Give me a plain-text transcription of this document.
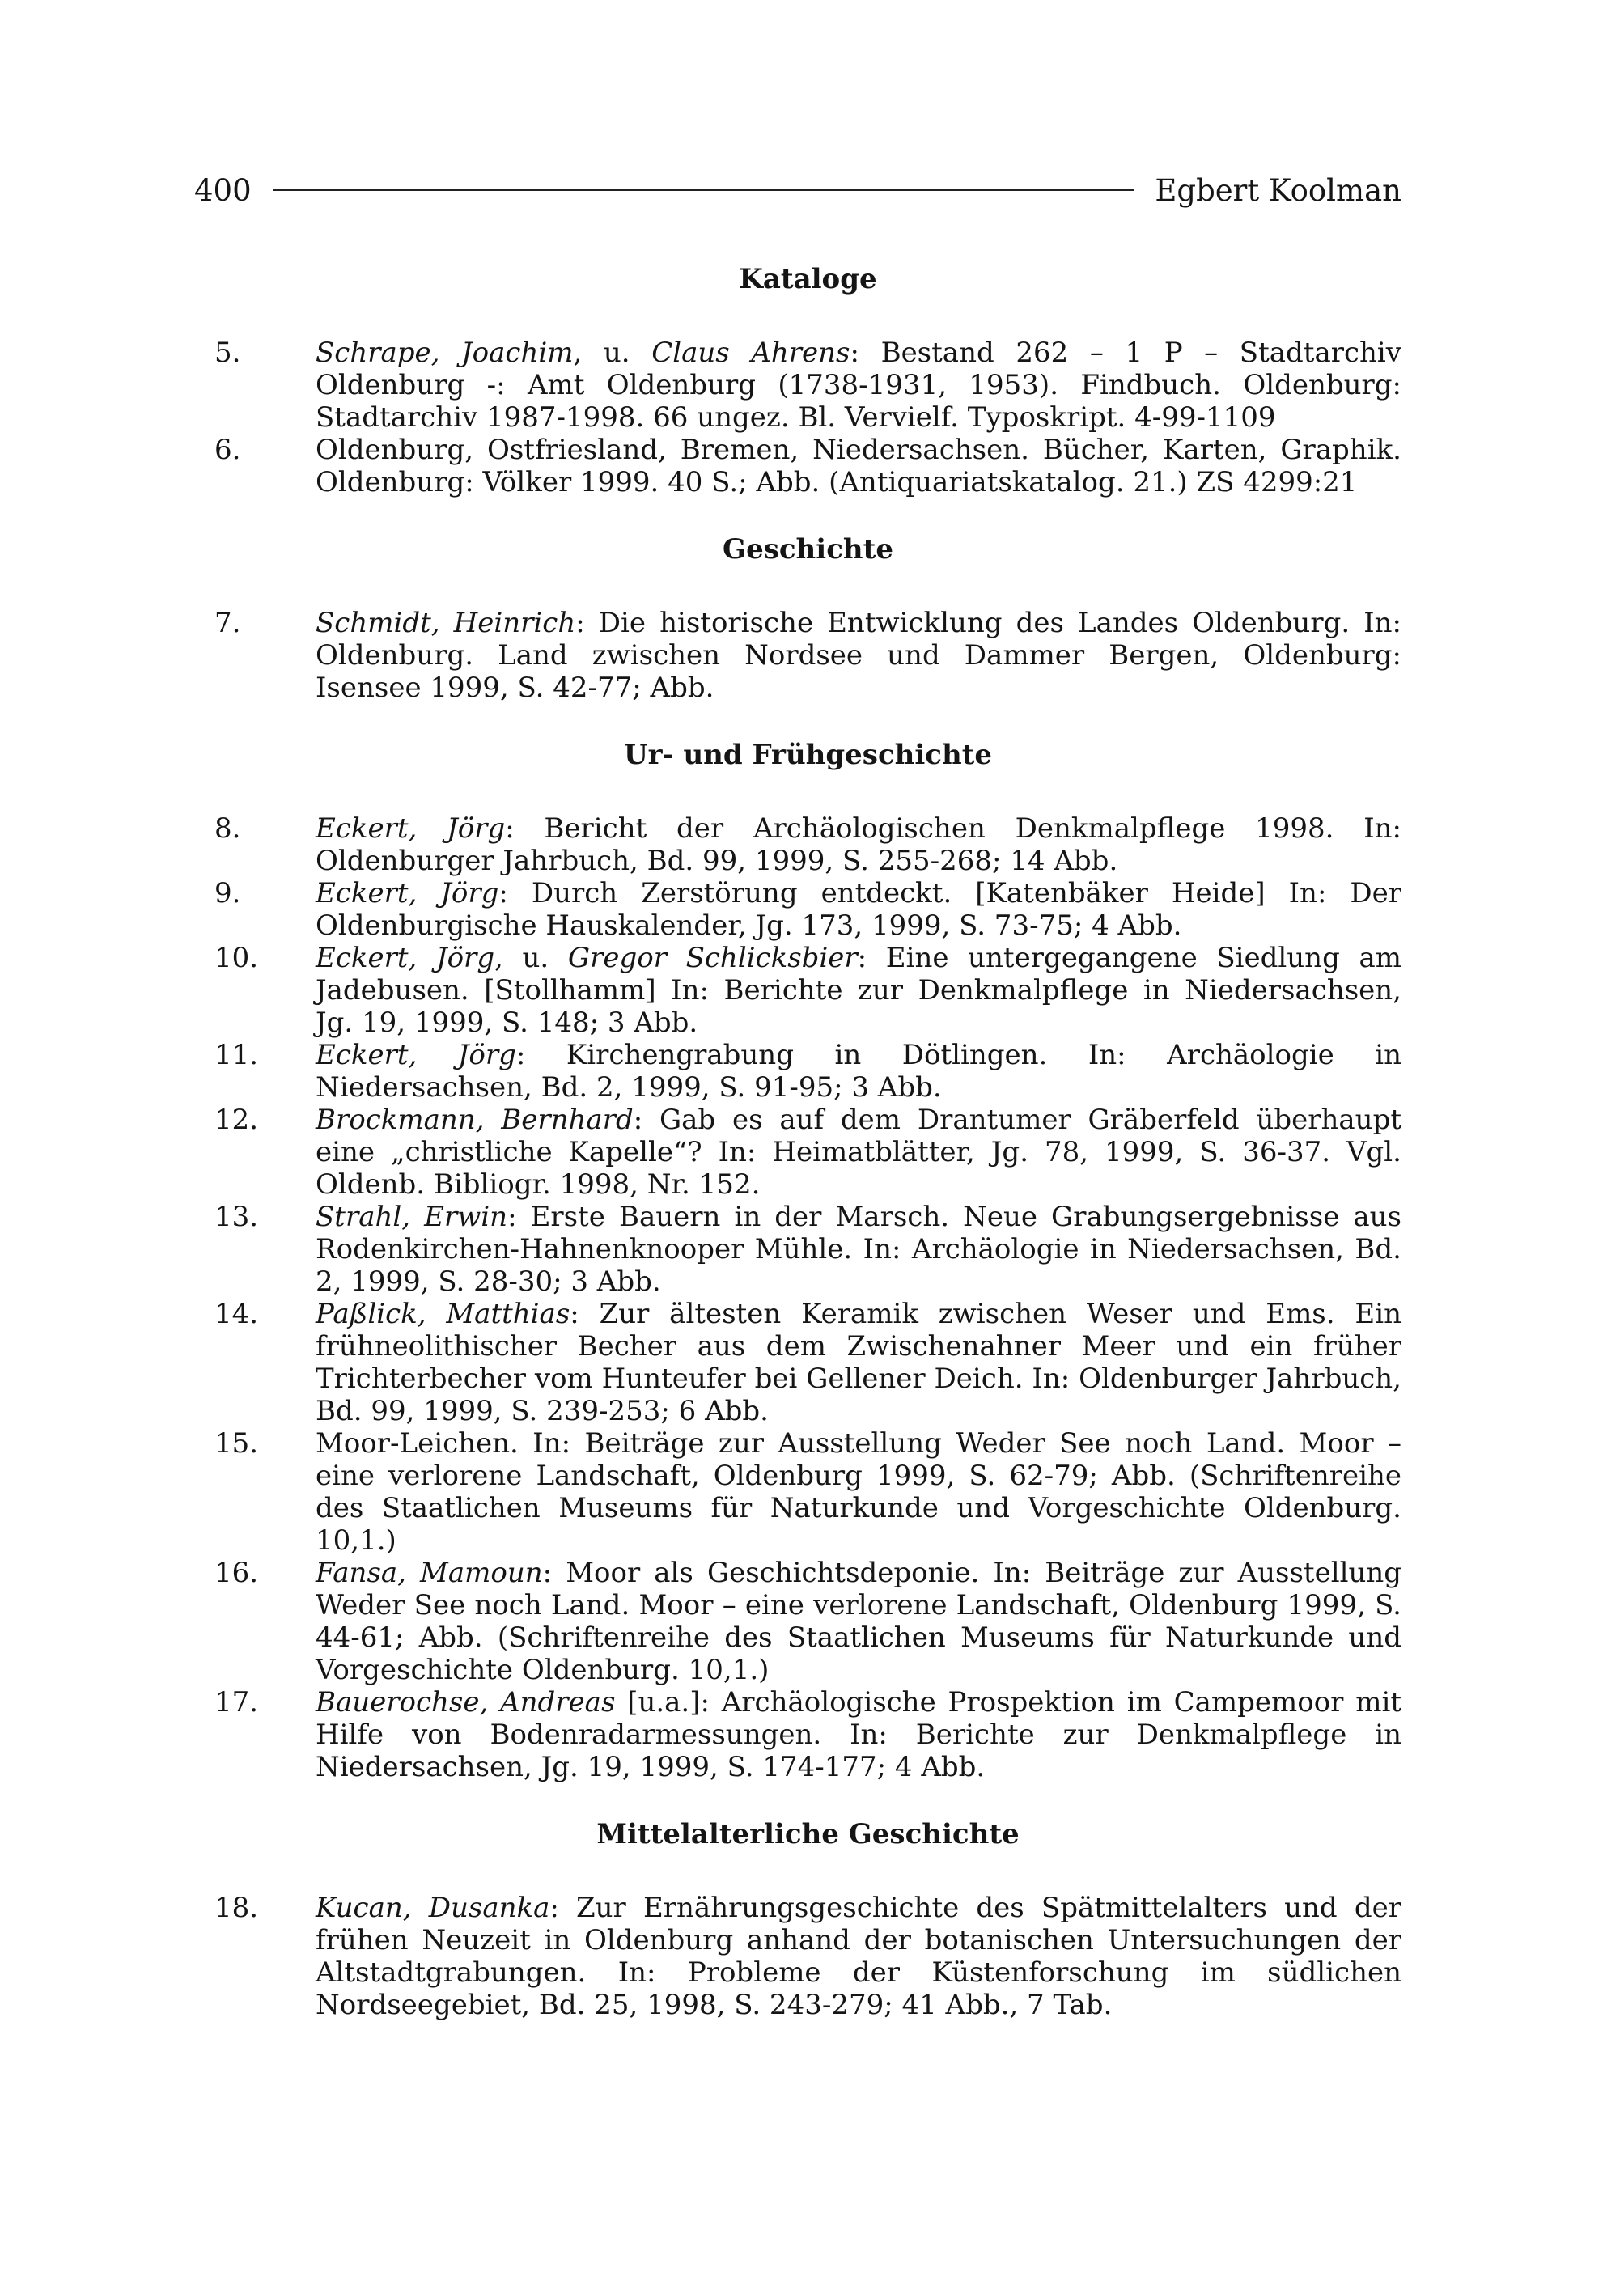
400	Egbert Koolman
Kataloge
5.	Schrape, Joachim, u. Claus Ahrens: Bestand 262 – 1 P – Stadtarchiv Oldenburg -: Amt Oldenburg (1738-1931, 1953). Findbuch. Oldenburg: Stadtarchiv 1987-1998. 66 ungez. Bl. Vervielf. Typoskript. 4-99-1109
6.	Oldenburg, Ostfriesland, Bremen, Niedersachsen. Bücher, Karten, Graphik. Oldenburg: Völker 1999. 40 S.; Abb. (Antiquariatskatalog. 21.) ZS 4299:21
Geschichte
7.	Schmidt, Heinrich: Die historische Entwicklung des Landes Oldenburg. In: Oldenburg. Land zwischen Nordsee und Dammer Bergen, Oldenburg: Isensee 1999, S. 42-77; Abb.
Ur- und Frühgeschichte
8.	Eckert, Jörg: Bericht der Archäologischen Denkmalpflege 1998. In: Oldenburger Jahrbuch, Bd. 99, 1999, S. 255-268; 14 Abb.
9.	Eckert, Jörg: Durch Zerstörung entdeckt. [Katenbäker Heide] In: Der Oldenburgische Hauskalender, Jg. 173, 1999, S. 73-75; 4 Abb.
10.	Eckert, Jörg, u. Gregor Schlicksbier: Eine untergegangene Siedlung am Jadebusen. [Stollhamm] In: Berichte zur Denkmalpflege in Niedersachsen, Jg. 19, 1999, S. 148; 3 Abb.
11.	Eckert, Jörg: Kirchengrabung in Dötlingen. In: Archäologie in Niedersachsen, Bd. 2, 1999, S. 91-95; 3 Abb.
12.	Brockmann, Bernhard: Gab es auf dem Drantumer Gräberfeld überhaupt eine „christliche Kapelle“? In: Heimatblätter, Jg. 78, 1999, S. 36-37. Vgl. Oldenb. Bibliogr. 1998, Nr. 152.
13.	Strahl, Erwin: Erste Bauern in der Marsch. Neue Grabungsergebnisse aus Rodenkirchen-Hahnenknooper Mühle. In: Archäologie in Niedersachsen, Bd. 2, 1999, S. 28-30; 3 Abb.
14.	Paßlick, Matthias: Zur ältesten Keramik zwischen Weser und Ems. Ein frühneolithischer Becher aus dem Zwischenahner Meer und ein früher Trichterbecher vom Hunteufer bei Gellener Deich. In: Oldenburger Jahrbuch, Bd. 99, 1999, S. 239-253; 6 Abb.
15.	Moor-Leichen. In: Beiträge zur Ausstellung Weder See noch Land. Moor – eine verlorene Landschaft, Oldenburg 1999, S. 62-79; Abb. (Schriftenreihe des Staatlichen Museums für Naturkunde und Vorgeschichte Oldenburg. 10,1.)
16.	Fansa, Mamoun: Moor als Geschichtsdeponie. In: Beiträge zur Ausstellung Weder See noch Land. Moor – eine verlorene Landschaft, Oldenburg 1999, S. 44-61; Abb. (Schriftenreihe des Staatlichen Museums für Naturkunde und Vorgeschichte Oldenburg. 10,1.)
17.	Bauerochse, Andreas [u.a.]: Archäologische Prospektion im Campemoor mit Hilfe von Bodenradarmessungen. In: Berichte zur Denkmalpflege in Niedersachsen, Jg. 19, 1999, S. 174-177; 4 Abb.
Mittelalterliche Geschichte
18.	Kucan, Dusanka: Zur Ernährungsgeschichte des Spätmittelalters und der frühen Neuzeit in Oldenburg anhand der botanischen Untersuchungen der Altstadtgrabungen. In: Probleme der Küstenforschung im südlichen Nordseegebiet, Bd. 25, 1998, S. 243-279; 41 Abb., 7 Tab.
